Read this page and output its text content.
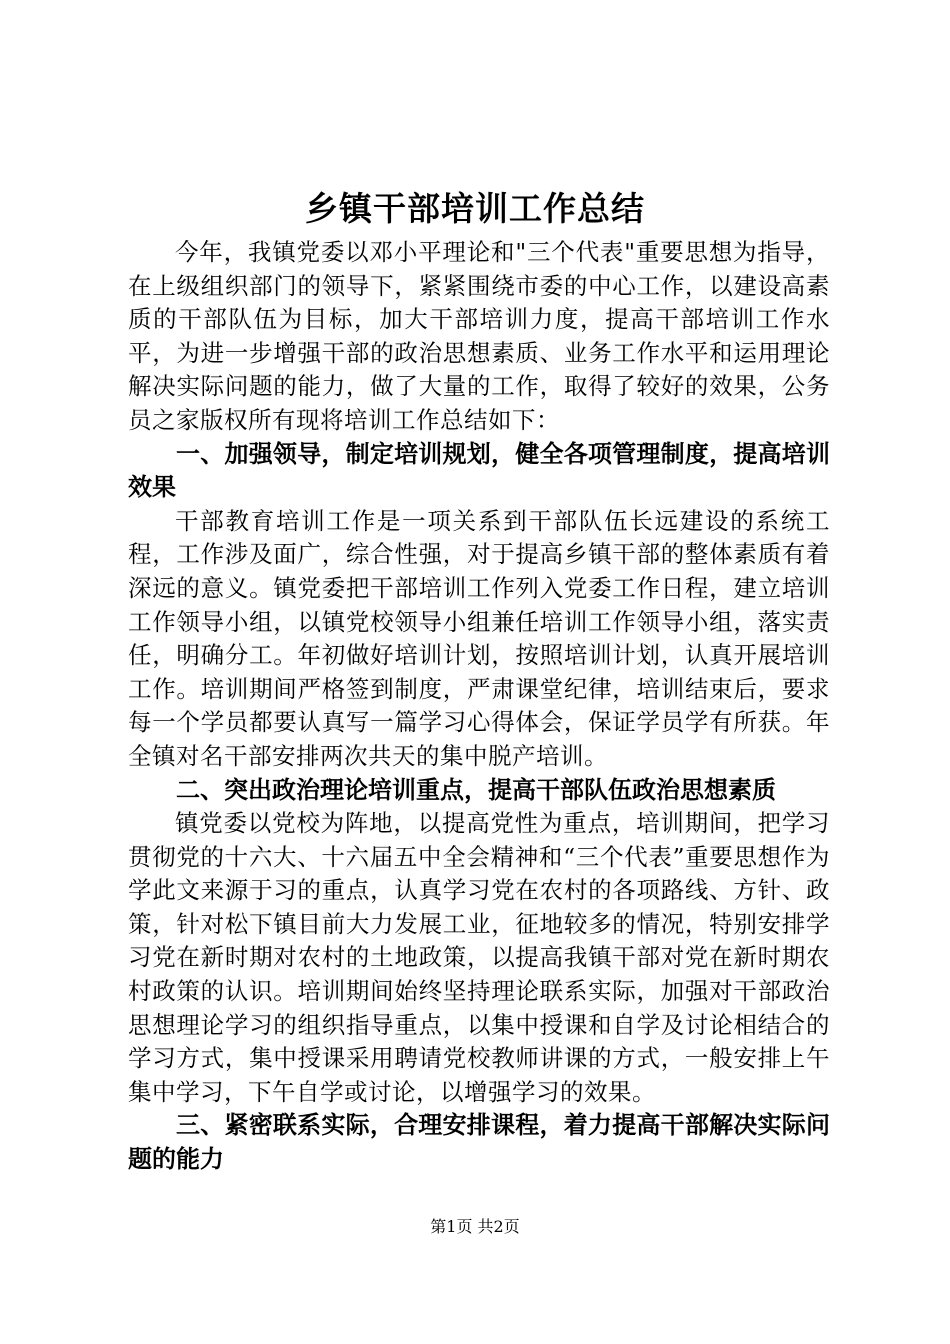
乡镇干部培训工作总结

今年，我镇党委以邓小平理论和"三个代表"重要思想为指导，在上级组织部门的领导下，紧紧围绕市委的中心工作，以建设高素质的干部队伍为目标，加大干部培训力度，提高干部培训工作水平，为进一步增强干部的政治思想素质、业务工作水平和运用理论解决实际问题的能力，做了大量的工作，取得了较好的效果，公务员之家版权所有现将培训工作总结如下：

一、加强领导，制定培训规划，健全各项管理制度，提高培训效果

干部教育培训工作是一项关系到干部队伍长远建设的系统工程，工作涉及面广，综合性强，对于提高乡镇干部的整体素质有着深远的意义。镇党委把干部培训工作列入党委工作日程，建立培训工作领导小组，以镇党校领导小组兼任培训工作领导小组，落实责任，明确分工。年初做好培训计划，按照培训计划，认真开展培训工作。培训期间严格签到制度，严肃课堂纪律，培训结束后，要求每一个学员都要认真写一篇学习心得体会，保证学员学有所获。年全镇对名干部安排两次共天的集中脱产培训。

二、突出政治理论培训重点，提高干部队伍政治思想素质

镇党委以党校为阵地，以提高党性为重点，培训期间，把学习贯彻党的十六大、十六届五中全会精神和“三个代表”重要思想作为学此文来源于习的重点，认真学习党在农村的各项路线、方针、政策，针对松下镇目前大力发展工业，征地较多的情况，特别安排学习党在新时期对农村的土地政策，以提高我镇干部对党在新时期农村政策的认识。培训期间始终坚持理论联系实际，加强对干部政治思想理论学习的组织指导重点，以集中授课和自学及讨论相结合的学习方式，集中授课采用聘请党校教师讲课的方式，一般安排上午集中学习，下午自学或讨论，以增强学习的效果。

三、紧密联系实际，合理安排课程，着力提高干部解决实际问题的能力

第1页 共2页
